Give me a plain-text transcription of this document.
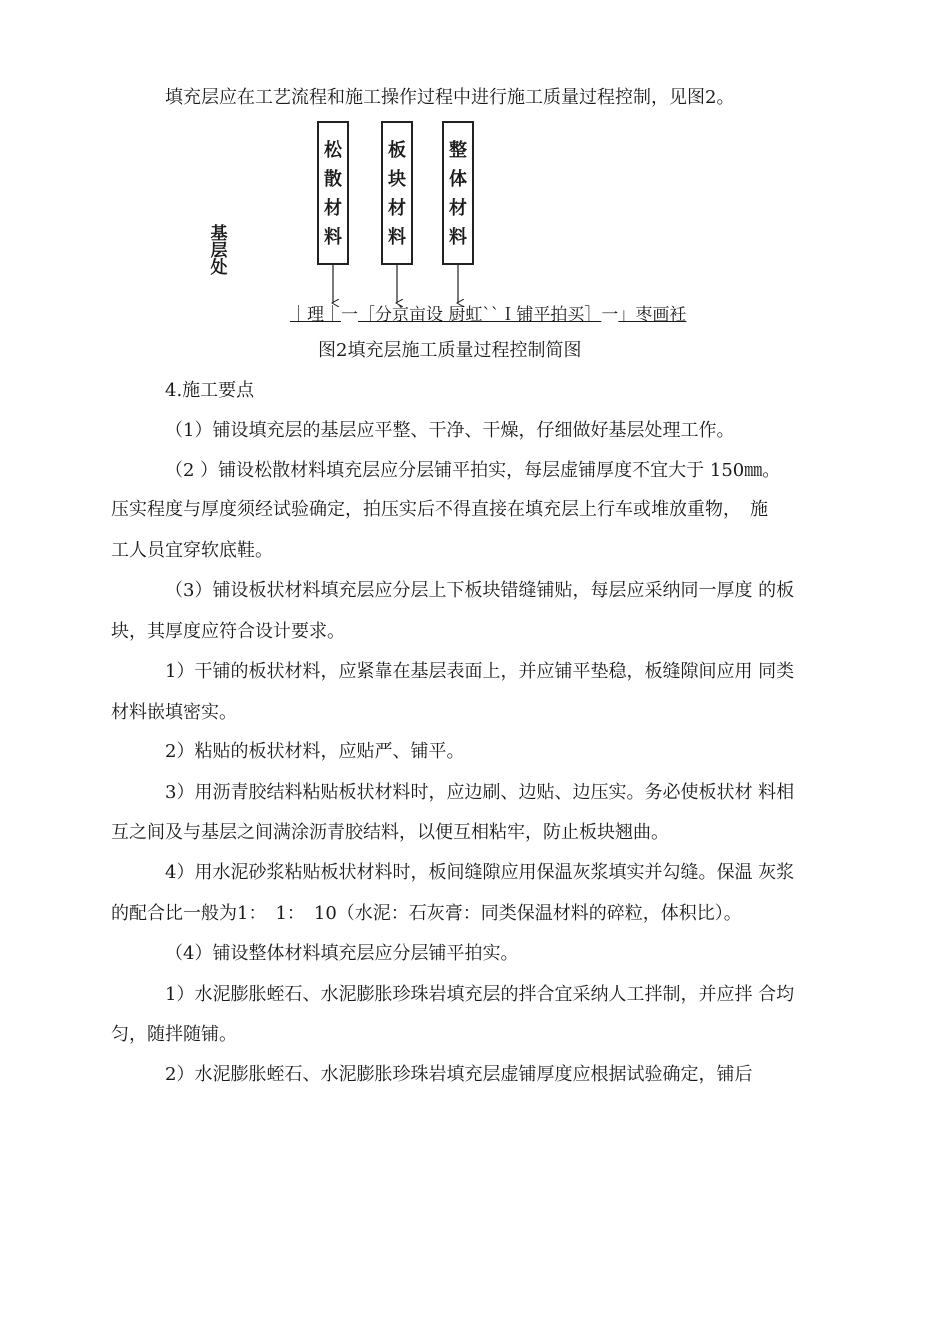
填充层应在工艺流程和施工操作过程中进行施工质量过程控制，见图2。
松散材料
板块材料
整体材料
基层处
｜理｜一［分京亩设 厨虹``Ｉ铺平拍买］一」枣画衽
图2填充层施工质量过程控制简图
4.施工要点
（1）铺设填充层的基层应平整、干净、干燥，仔细做好基层处理工作。
（2 ）铺设松散材料填充层应分层铺平拍实，每层虚铺厚度不宜大于 150㎜。
压实程度与厚度须经试验确定，拍压实后不得直接在填充层上行车或堆放重物，　施
工人员宜穿软底鞋。
（3）铺设板状材料填充层应分层上下板块错缝铺贴，每层应采纳同一厚度 的板
块，其厚度应符合设计要求。
1）干铺的板状材料，应紧靠在基层表面上，并应铺平垫稳，板缝隙间应用 同类
材料嵌填密实。
2）粘贴的板状材料，应贴严、铺平。
3）用沥青胶结料粘贴板状材料时，应边刷、边贴、边压实。务必使板状材 料相
互之间及与基层之间满涂沥青胶结料，以便互相粘牢，防止板块翘曲。
4）用水泥砂浆粘贴板状材料时，板间缝隙应用保温灰浆填实并勾缝。保温 灰浆
的配合比一般为1：　1：　10（水泥：石灰膏：同类保温材料的碎粒，体积比）。
（4）铺设整体材料填充层应分层铺平拍实。
1）水泥膨胀蛭石、水泥膨胀珍珠岩填充层的拌合宜采纳人工拌制，并应拌 合均
匀，随拌随铺。
2）水泥膨胀蛭石、水泥膨胀珍珠岩填充层虚铺厚度应根据试验确定，铺后
